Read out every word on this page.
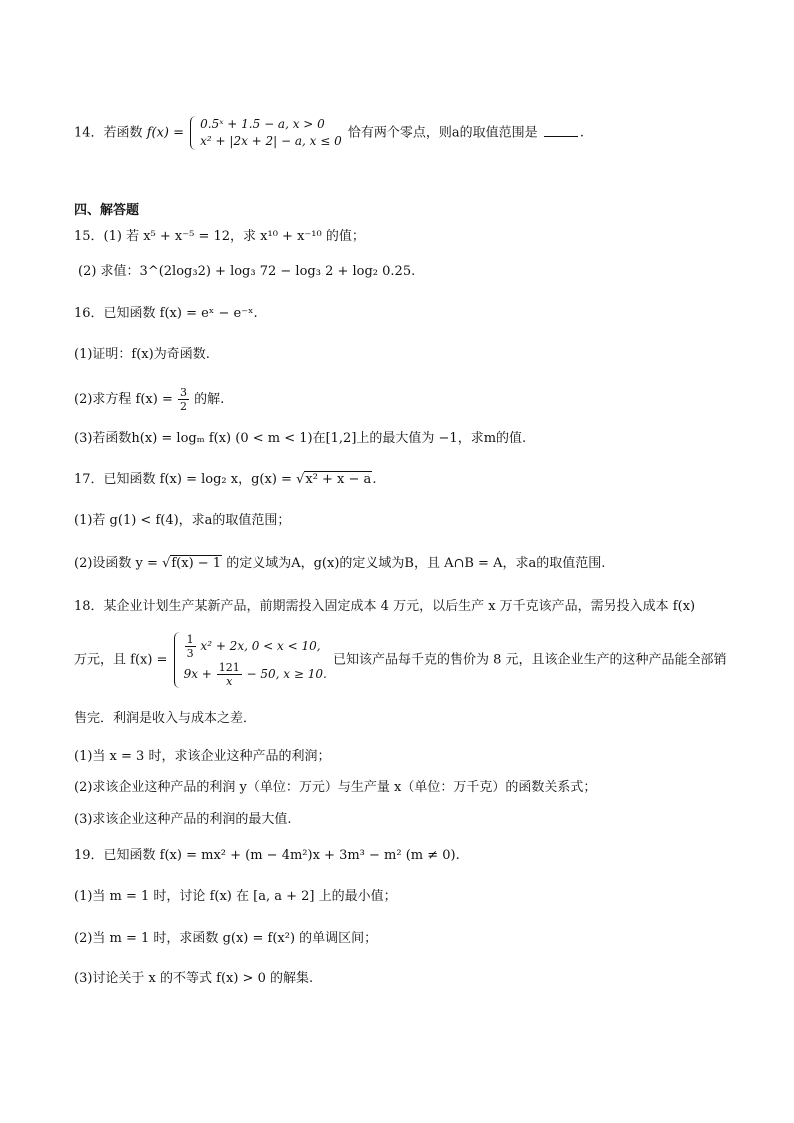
14．若函数 f(x) =
0.5ˣ + 1.5 − a, x > 0
x² + |2x + 2| − a, x ≤ 0
恰有两个零点，则a的取值范围是	.
四、解答题
15．(1) 若 x⁵ + x⁻⁵ = 12，求 x¹⁰ + x⁻¹⁰ 的值；
(2) 求值：3^(2log₃2) + log₃ 72 − log₃ 2 + log₂ 0.25.
16．已知函数 f(x) = eˣ − e⁻ˣ.
(1)证明：f(x)为奇函数.
(2)求方程 $f(x) = \frac{3}{2}$ 的解.
(3)若函数h(x) = logₘ f(x) (0 < m < 1)在[1,2]上的最大值为 −1，求m的值.
17．已知函数 f(x) = log₂ x，g(x) = √x² + x − a.
(1)若 g(1) < f(4)，求a的取值范围；
(2)设函数 y = √f(x) − 1 的定义域为A，g(x)的定义域为B，且 A∩B = A，求a的取值范围.
18．某企业计划生产某新产品，前期需投入固定成本 4 万元，以后生产 x 万千克该产品，需另投入成本 f(x)
万元，且 $f(x) = \frac{1}{3} x^2 + 2x$, 0 < x < 10,
$9x + \frac{121}{x} - 50$, x ≥ 10.
已知该产品每千克的售价为 8 元，且该企业生产的这种产品能全部销
售完．利润是收入与成本之差．
(1)当 x = 3 时，求该企业这种产品的利润；
(2)求该企业这种产品的利润 y（单位：万元）与生产量 x（单位：万千克）的函数关系式；
(3)求该企业这种产品的利润的最大值.
19．已知函数 f(x) = mx² + (m − 4m²)x + 3m³ − m² (m ≠ 0).
(1)当 m = 1 时，讨论 f(x) 在 [a, a + 2] 上的最小值；
(2)当 m = 1 时，求函数 g(x) = f(x²) 的单调区间；
(3)讨论关于 x 的不等式 f(x) > 0 的解集.
